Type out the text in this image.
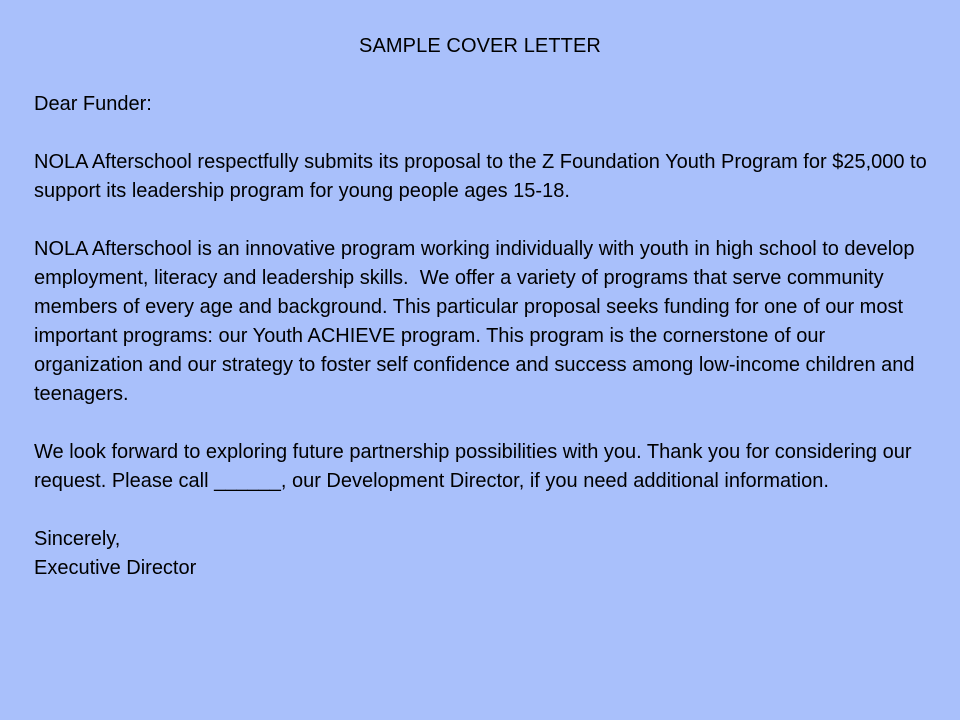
SAMPLE COVER LETTER

Dear Funder:

NOLA Afterschool respectfully submits its proposal to the Z Foundation Youth Program for $25,000 to support its leadership program for young people ages 15-18.

NOLA Afterschool is an innovative program working individually with youth in high school to develop employment, literacy and leadership skills.  We offer a variety of programs that serve community members of every age and background. This particular proposal seeks funding for one of our most important programs: our Youth ACHIEVE program. This program is the cornerstone of our organization and our strategy to foster self confidence and success among low-income children and teenagers.

We look forward to exploring future partnership possibilities with you. Thank you for considering our request. Please call ______, our Development Director, if you need additional information.

Sincerely,

Executive Director
